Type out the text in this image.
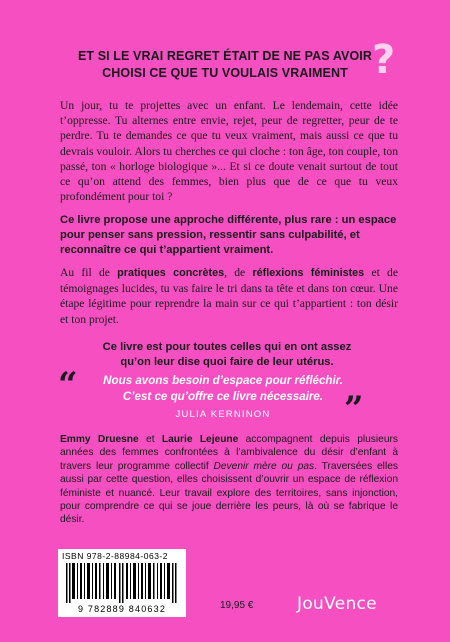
ET SI LE VRAI REGRET ÉTAIT DE NE PAS AVOIR
CHOISI CE QUE TU VOULAIS VRAIMENT ?
Un jour, tu te projettes avec un enfant. Le lendemain, cette idée t’oppresse. Tu alternes entre envie, rejet, peur de regretter, peur de te perdre. Tu te demandes ce que tu veux vraiment, mais aussi ce que tu devrais vouloir. Alors tu cherches ce qui cloche : ton âge, ton couple, ton passé, ton « horloge biologique »... Et si ce doute venait surtout de tout ce qu’on attend des femmes, bien plus que de ce que tu veux profondément pour toi ?
Ce livre propose une approche différente, plus rare : un espace pour penser sans pression, ressentir sans culpabilité, et reconnaître ce qui t’appartient vraiment.
Au fil de pratiques concrètes, de réflexions féministes et de témoignages lucides, tu vas faire le tri dans ta tête et dans ton cœur. Une étape légitime pour reprendre la main sur ce qui t’appartient : ton désir et ton projet.
Ce livre est pour toutes celles qui en ont assez
qu’on leur dise quoi faire de leur utérus.
“	Nous avons besoin d’espace pour réfléchir.
C’est ce qu’offre ce livre nécessaire.
JULIA KERNINON	”
Emmy Druesne et Laurie Lejeune accompagnent depuis plusieurs années des femmes confrontées à l’ambivalence du désir d’enfant à travers leur programme collectif Devenir mère ou pas. Traversées elles aussi par cette question, elles choisissent d’ouvrir un espace de réflexion féministe et nuancé. Leur travail explore des territoires, sans injonction, pour comprendre ce qui se joue derrière les peurs, là où se fabrique le désir.
ISBN 978-2-88984-063-2
9 782889 840632	19,95 €	JouVence
